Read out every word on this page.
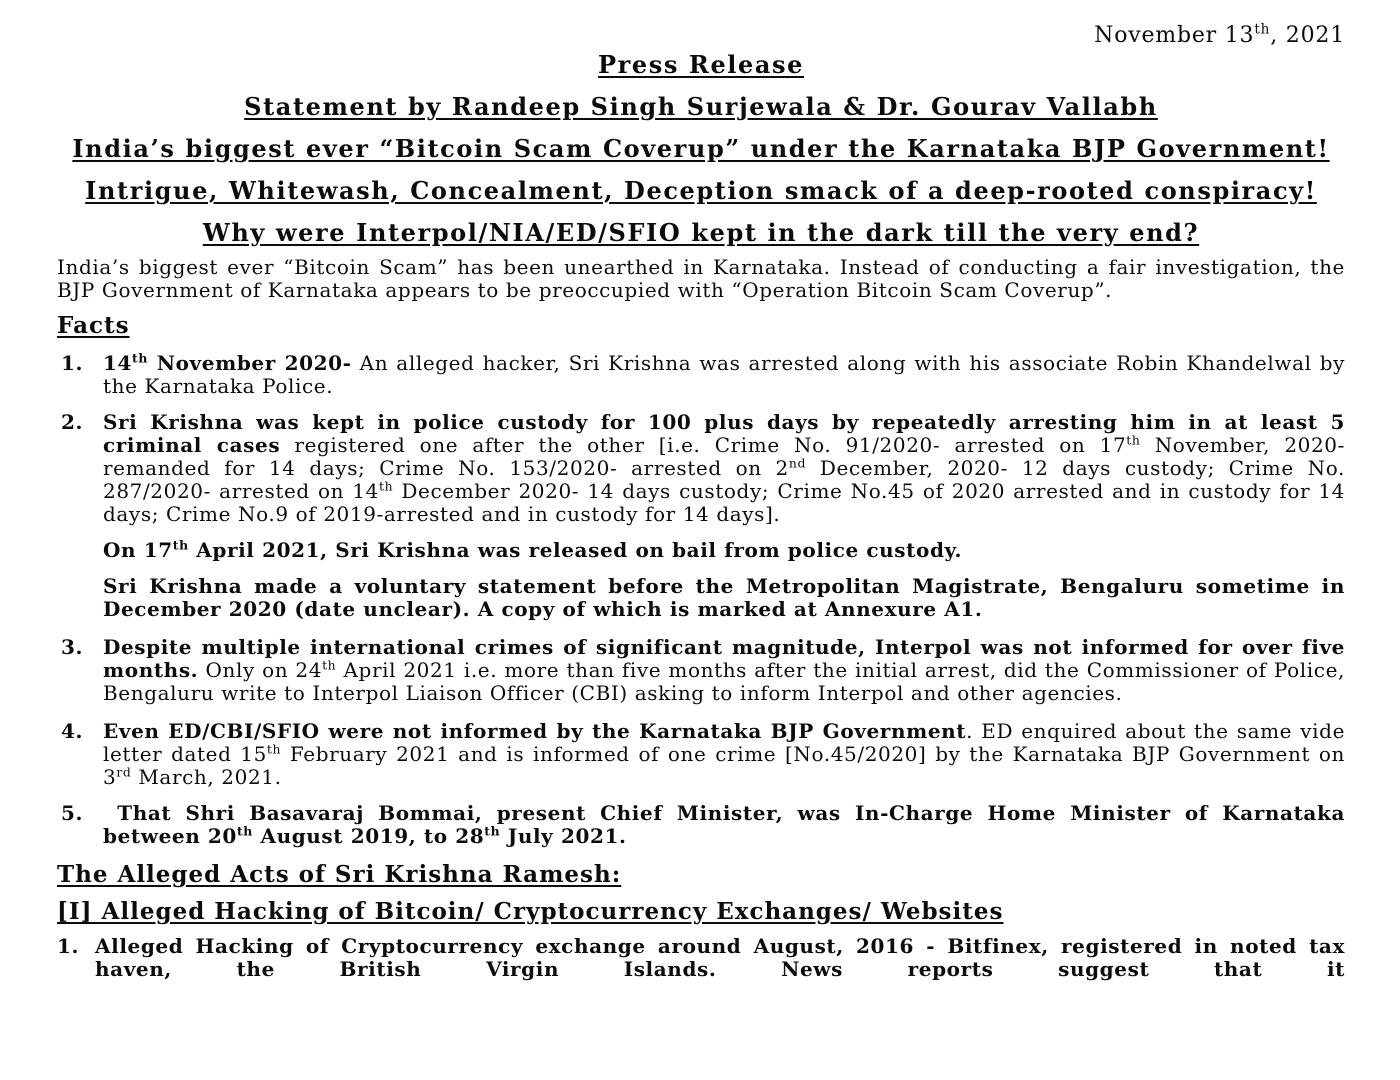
November 13th, 2021
Press Release
Statement by Randeep Singh Surjewala & Dr. Gourav Vallabh
India’s biggest ever “Bitcoin Scam Coverup” under the Karnataka BJP Government!
Intrigue, Whitewash, Concealment, Deception smack of a deep-rooted conspiracy!
Why were Interpol/NIA/ED/SFIO kept in the dark till the very end?
India’s biggest ever “Bitcoin Scam” has been unearthed in Karnataka. Instead of conducting a fair investigation, the BJP Government of Karnataka appears to be preoccupied with “Operation Bitcoin Scam Coverup”.
Facts
1. 14th November 2020- An alleged hacker, Sri Krishna was arrested along with his associate Robin Khandelwal by the Karnataka Police.
2. Sri Krishna was kept in police custody for 100 plus days by repeatedly arresting him in at least 5 criminal cases registered one after the other [i.e. Crime No. 91/2020- arrested on 17th November, 2020- remanded for 14 days; Crime No. 153/2020- arrested on 2nd December, 2020- 12 days custody; Crime No. 287/2020- arrested on 14th December 2020- 14 days custody; Crime No.45 of 2020 arrested and in custody for 14 days; Crime No.9 of 2019-arrested and in custody for 14 days].
On 17th April 2021, Sri Krishna was released on bail from police custody.
Sri Krishna made a voluntary statement before the Metropolitan Magistrate, Bengaluru sometime in December 2020 (date unclear). A copy of which is marked at Annexure A1.
3. Despite multiple international crimes of significant magnitude, Interpol was not informed for over five months. Only on 24th April 2021 i.e. more than five months after the initial arrest, did the Commissioner of Police, Bengaluru write to Interpol Liaison Officer (CBI) asking to inform Interpol and other agencies.
4. Even ED/CBI/SFIO were not informed by the Karnataka BJP Government. ED enquired about the same vide letter dated 15th February 2021 and is informed of one crime [No.45/2020] by the Karnataka BJP Government on 3rd March, 2021.
5. That Shri Basavaraj Bommai, present Chief Minister, was In-Charge Home Minister of Karnataka between 20th August 2019, to 28th July 2021.
The Alleged Acts of Sri Krishna Ramesh:
[I] Alleged Hacking of Bitcoin/ Cryptocurrency Exchanges/ Websites
1. Alleged Hacking of Cryptocurrency exchange around August, 2016 - Bitfinex, registered in noted tax haven, the British Virgin Islands. News reports suggest that it
